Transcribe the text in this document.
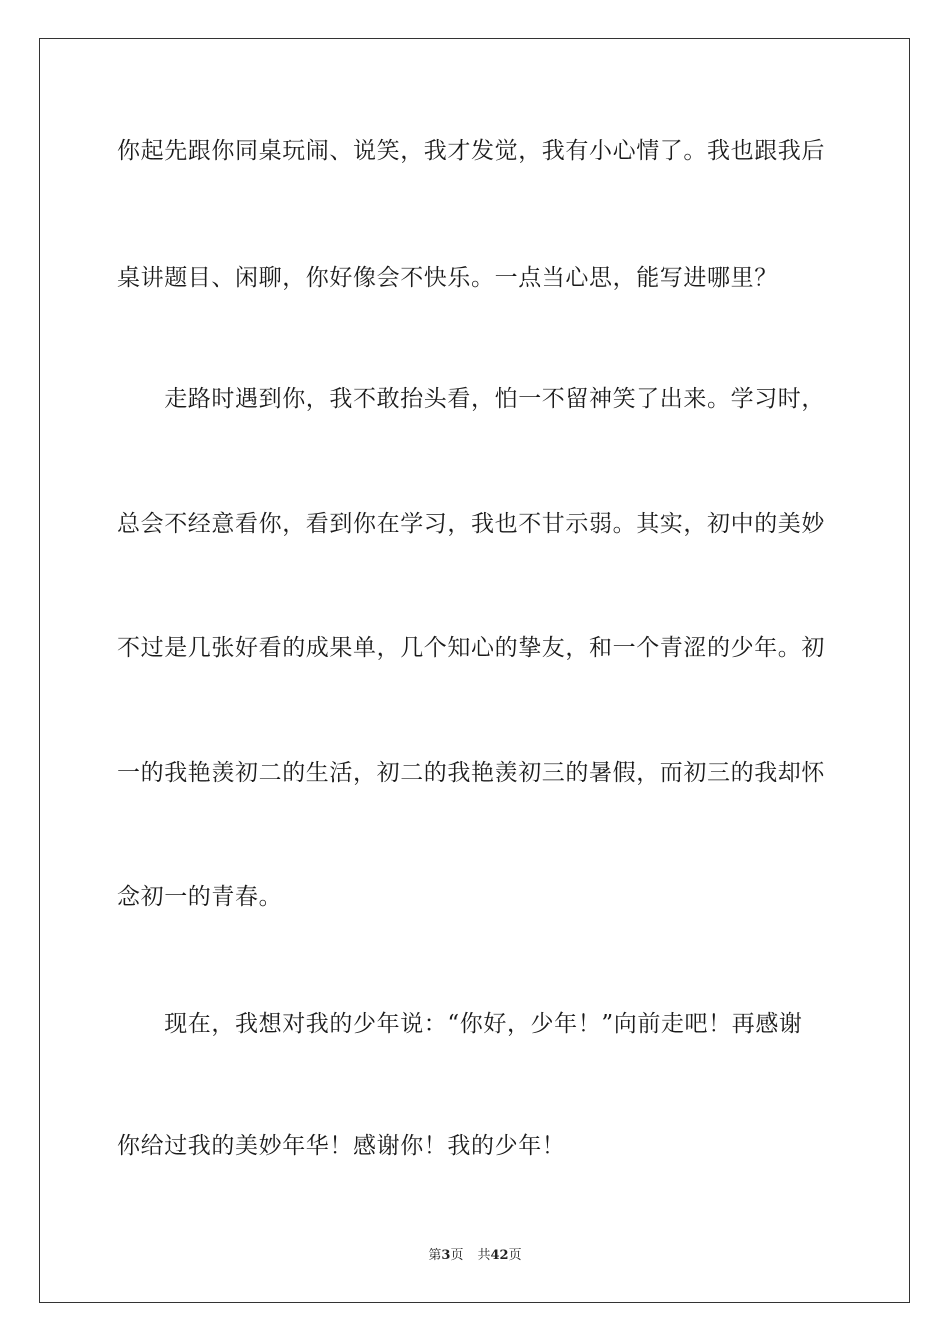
你起先跟你同桌玩闹、说笑，我才发觉，我有小心情了。我也跟我后
桌讲题目、闲聊，你好像会不快乐。一点当心思，能写进哪里？
　　走路时遇到你，我不敢抬头看，怕一不留神笑了出来。学习时，
总会不经意看你，看到你在学习，我也不甘示弱。其实，初中的美妙
不过是几张好看的成果单，几个知心的挚友，和一个青涩的少年。初
一的我艳羡初二的生活，初二的我艳羡初三的暑假，而初三的我却怀
念初一的青春。
　　现在，我想对我的少年说：“你好，少年！”向前走吧！再感谢
你给过我的美妙年华！感谢你！我的少年！
第3页 共42页
